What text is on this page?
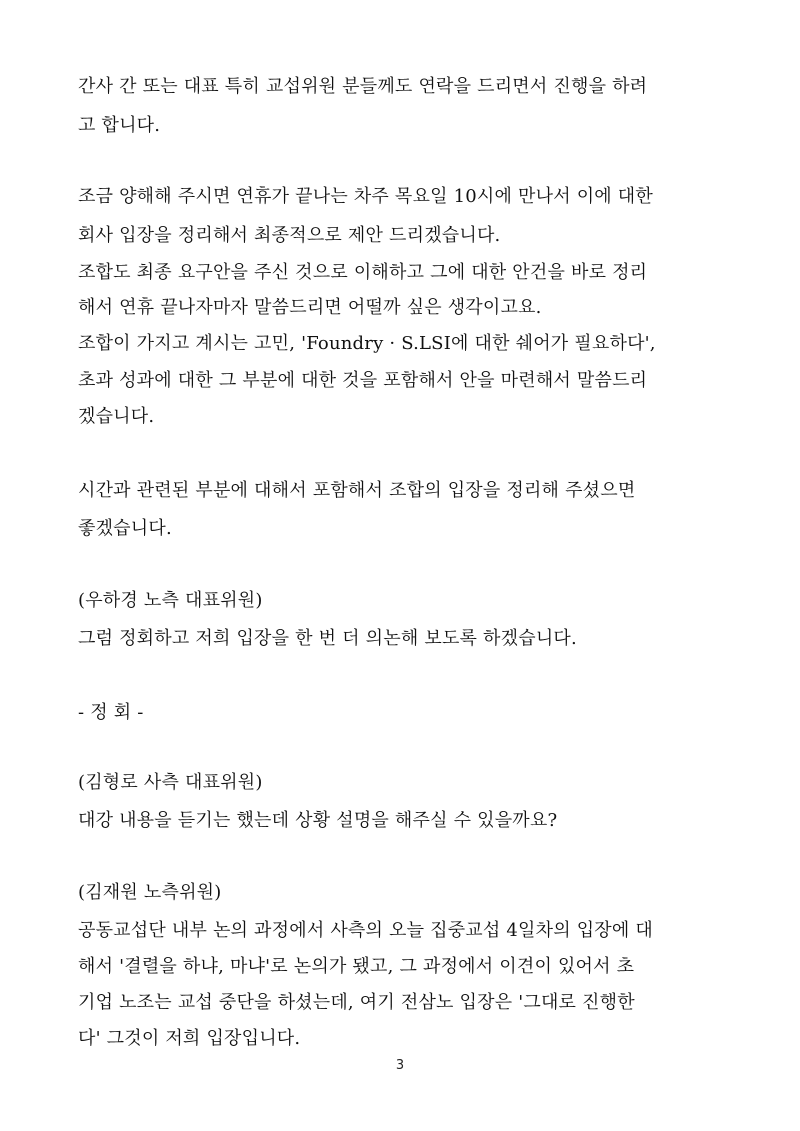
간사 간 또는 대표 특히 교섭위원 분들께도 연락을 드리면서 진행을 하려
고 합니다.
조금 양해해 주시면 연휴가 끝나는 차주 목요일 10시에 만나서 이에 대한
회사 입장을 정리해서 최종적으로 제안 드리겠습니다.
조합도 최종 요구안을 주신 것으로 이해하고 그에 대한 안건을 바로 정리
해서 연휴 끝나자마자 말씀드리면 어떨까 싶은 생각이고요.
조합이 가지고 계시는 고민, 'Foundry · S.LSI에 대한 쉐어가 필요하다',
초과 성과에 대한 그 부분에 대한 것을 포함해서 안을 마련해서 말씀드리
겠습니다.
시간과 관련된 부분에 대해서 포함해서 조합의 입장을 정리해 주셨으면
좋겠습니다.
(우하경 노측 대표위원)
그럼 정회하고 저희 입장을 한 번 더 의논해 보도록 하겠습니다.
- 정 회 -
(김형로 사측 대표위원)
대강 내용을 듣기는 했는데 상황 설명을 해주실 수 있을까요?
(김재원 노측위원)
공동교섭단 내부 논의 과정에서 사측의 오늘 집중교섭 4일차의 입장에 대
해서 '결렬을 하냐, 마냐'로 논의가 됐고, 그 과정에서 이견이 있어서 초
기업 노조는 교섭 중단을 하셨는데, 여기 전삼노 입장은 '그대로 진행한
다' 그것이 저희 입장입니다.
3
